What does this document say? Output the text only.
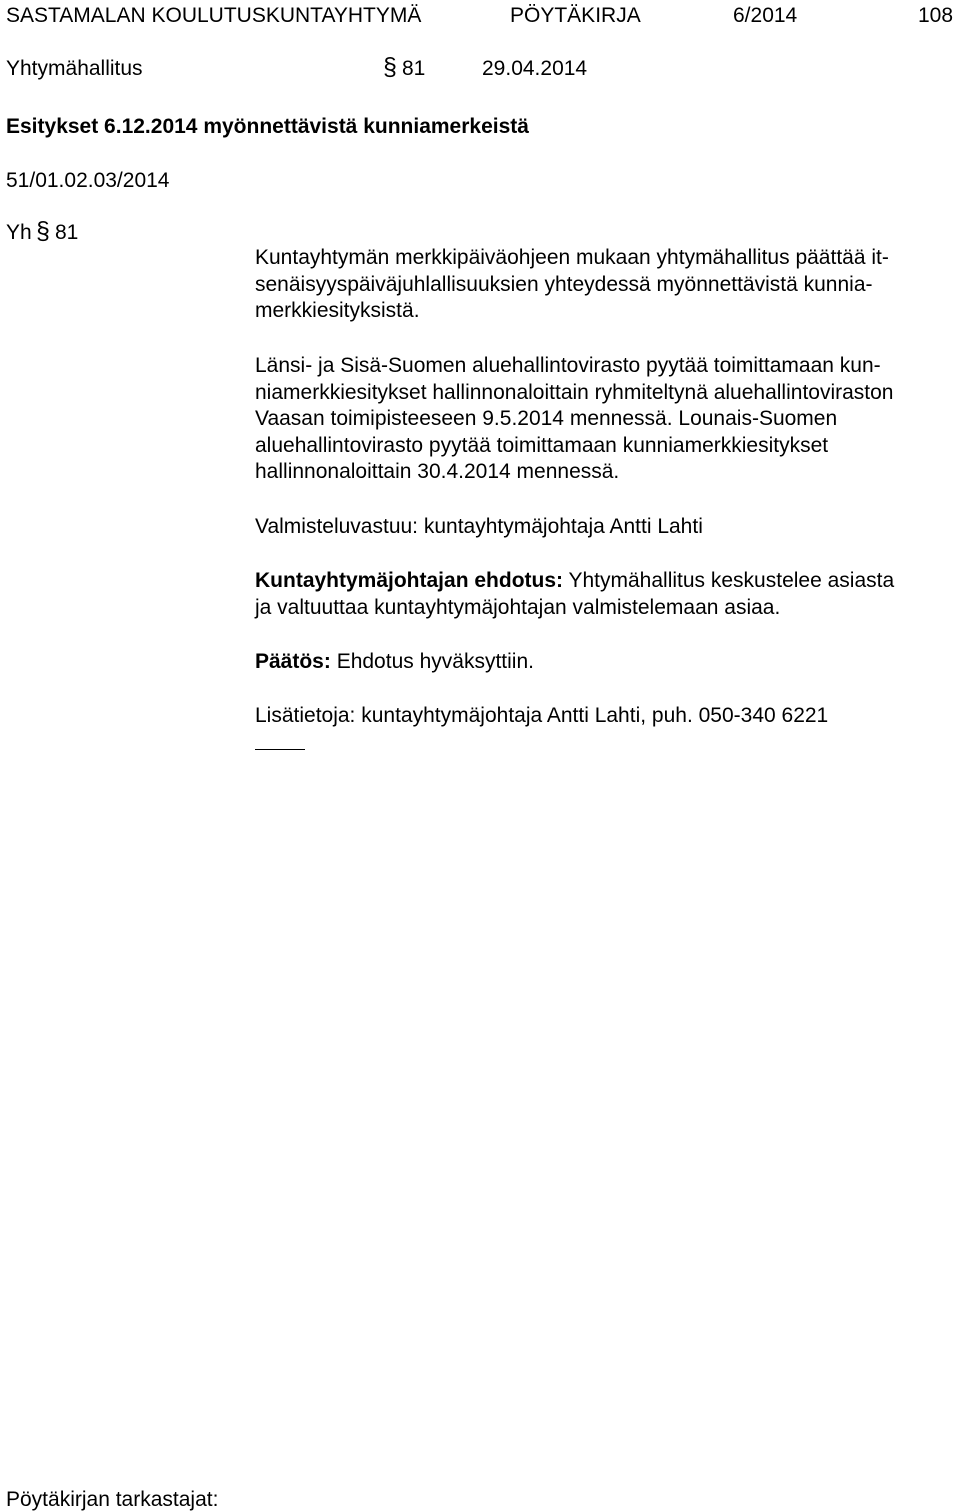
SASTAMALAN KOULUTUSKUNTAYHTYMÄ	PÖYTÄKIRJA	6/2014	108
Yhtymähallitus	§ 81	29.04.2014
Esitykset 6.12.2014 myönnettävistä kunniamerkeistä
51/01.02.03/2014
Yh § 81
Kuntayhtymän merkkipäiväohjeen mukaan yhtymähallitus päättää it-
senäisyyspäiväjuhlallisuuksien yhteydessä myönnettävistä kunnia-
merkkiesityksistä.
Länsi- ja Sisä-Suomen aluehallintovirasto pyytää toimittamaan kun-
niamerkkiesitykset hallinnonaloittain ryhmiteltynä aluehallintoviraston
Vaasan toimipisteeseen 9.5.2014 mennessä. Lounais-Suomen
aluehallintovirasto pyytää toimittamaan kunniamerkkiesitykset
hallinnonaloittain 30.4.2014 mennessä.
Valmisteluvastuu: kuntayhtymäjohtaja Antti Lahti
Kuntayhtymäjohtajan ehdotus: Yhtymähallitus keskustelee asiasta
ja valtuuttaa kuntayhtymäjohtajan valmistelemaan asiaa.
Päätös: Ehdotus hyväksyttiin.
Lisätietoja: kuntayhtymäjohtaja Antti Lahti, puh. 050-340 6221
Pöytäkirjan tarkastajat:
